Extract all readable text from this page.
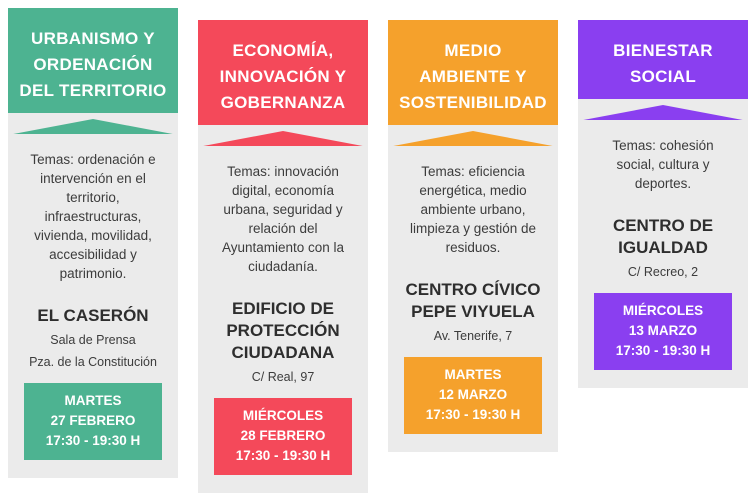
URBANISMO Y ORDENACIÓN DEL TERRITORIO

Temas: ordenación e intervención en el territorio, infraestructuras, vivienda, movilidad, accesibilidad y patrimonio.

EL CASERÓN
Sala de Prensa
Pza. de la Constitución
MARTES
27 FEBRERO
17:30 - 19:30 H
ECONOMÍA, INNOVACIÓN Y GOBERNANZA

Temas: innovación digital, economía urbana, seguridad y relación del Ayuntamiento con la ciudadanía.

EDIFICIO DE PROTECCIÓN CIUDADANA
C/ Real, 97
MIÉRCOLES
28 FEBRERO
17:30 - 19:30 H
MEDIO AMBIENTE Y SOSTENIBILIDAD

Temas: eficiencia energética, medio ambiente urbano, limpieza y gestión de residuos.

CENTRO CÍVICO PEPE VIYUELA
Av. Tenerife, 7
MARTES
12 MARZO
17:30 - 19:30 H
BIENESTAR SOCIAL

Temas: cohesión social, cultura y deportes.

CENTRO DE IGUALDAD
C/ Recreo, 2
MIÉRCOLES
13 MARZO
17:30 - 19:30 H
